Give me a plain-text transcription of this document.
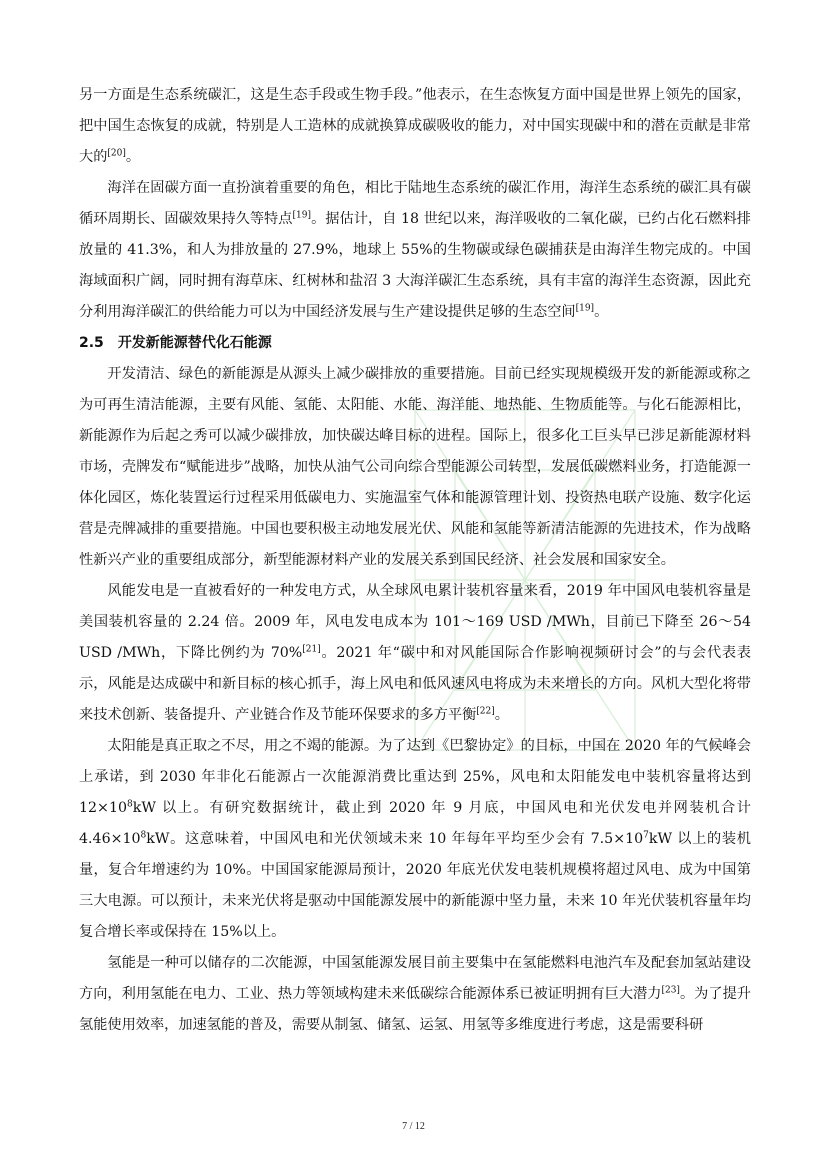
另一方面是生态系统碳汇，这是生态手段或生物手段。”他表示，在生态恢复方面中国是世界上领先的国家，把中国生态恢复的成就，特别是人工造林的成就换算成碳吸收的能力，对中国实现碳中和的潜在贡献是非常大的[20]。

海洋在固碳方面一直扮演着重要的角色，相比于陆地生态系统的碳汇作用，海洋生态系统的碳汇具有碳循环周期长、固碳效果持久等特点[19]。据估计，自 18 世纪以来，海洋吸收的二氧化碳，已约占化石燃料排放量的 41.3%，和人为排放量的 27.9%，地球上 55%的生物碳或绿色碳捕获是由海洋生物完成的。中国海域面积广阔，同时拥有海草床、红树林和盐沼 3 大海洋碳汇生态系统，具有丰富的海洋生态资源，因此充分利用海洋碳汇的供给能力可以为中国经济发展与生产建设提供足够的生态空间[19]。

2.5 开发新能源替代化石能源

开发清洁、绿色的新能源是从源头上减少碳排放的重要措施。目前已经实现规模级开发的新能源或称之为可再生清洁能源，主要有风能、氢能、太阳能、水能、海洋能、地热能、生物质能等。与化石能源相比，新能源作为后起之秀可以减少碳排放，加快碳达峰目标的进程。国际上，很多化工巨头早已涉足新能源材料市场，壳牌发布“赋能进步”战略，加快从油气公司向综合型能源公司转型，发展低碳燃料业务，打造能源一体化园区，炼化装置运行过程采用低碳电力、实施温室气体和能源管理计划、投资热电联产设施、数字化运营是壳牌减排的重要措施。中国也要积极主动地发展光伏、风能和氢能等新清洁能源的先进技术，作为战略性新兴产业的重要组成部分，新型能源材料产业的发展关系到国民经济、社会发展和国家安全。

风能发电是一直被看好的一种发电方式，从全球风电累计装机容量来看，2019 年中国风电装机容量是美国装机容量的 2.24 倍。2009 年，风电发电成本为 101～169 USD /MWh，目前已下降至 26～54 USD /MWh，下降比例约为 70%[21]。2021 年“碳中和对风能国际合作影响视频研讨会”的与会代表表示，风能是达成碳中和新目标的核心抓手，海上风电和低风速风电将成为未来增长的方向。风机大型化将带来技术创新、装备提升、产业链合作及节能环保要求的多方平衡[22]。

太阳能是真正取之不尽，用之不竭的能源。为了达到《巴黎协定》的目标，中国在 2020 年的气候峰会上承诺，到 2030 年非化石能源占一次能源消费比重达到 25%，风电和太阳能发电中装机容量将达到 $12\times 10^8kW$ 以上。有研究数据统计，截止到 2020 年 9 月底，中国风电和光伏发电并网装机合计 $4.46\times 10^8kW$。这意味着，中国风电和光伏领域未来 10 年每年平均至少会有 $7.5\times 10^7kW$ 以上的装机量，复合年增速约为 10%。中国国家能源局预计，2020 年底光伏发电装机规模将超过风电、成为中国第三大电源。可以预计，未来光伏将是驱动中国能源发展中的新能源中坚力量，未来 10 年光伏装机容量年均复合增长率或保持在 15%以上。

氢能是一种可以储存的二次能源，中国氢能源发展目前主要集中在氢能燃料电池汽车及配套加氢站建设方向，利用氢能在电力、工业、热力等领域构建未来低碳综合能源体系已被证明拥有巨大潜力[23]。为了提升氢能使用效率，加速氢能的普及，需要从制氢、储氢、运氢、用氢等多维度进行考虑，这是需要科研

7 / 12
